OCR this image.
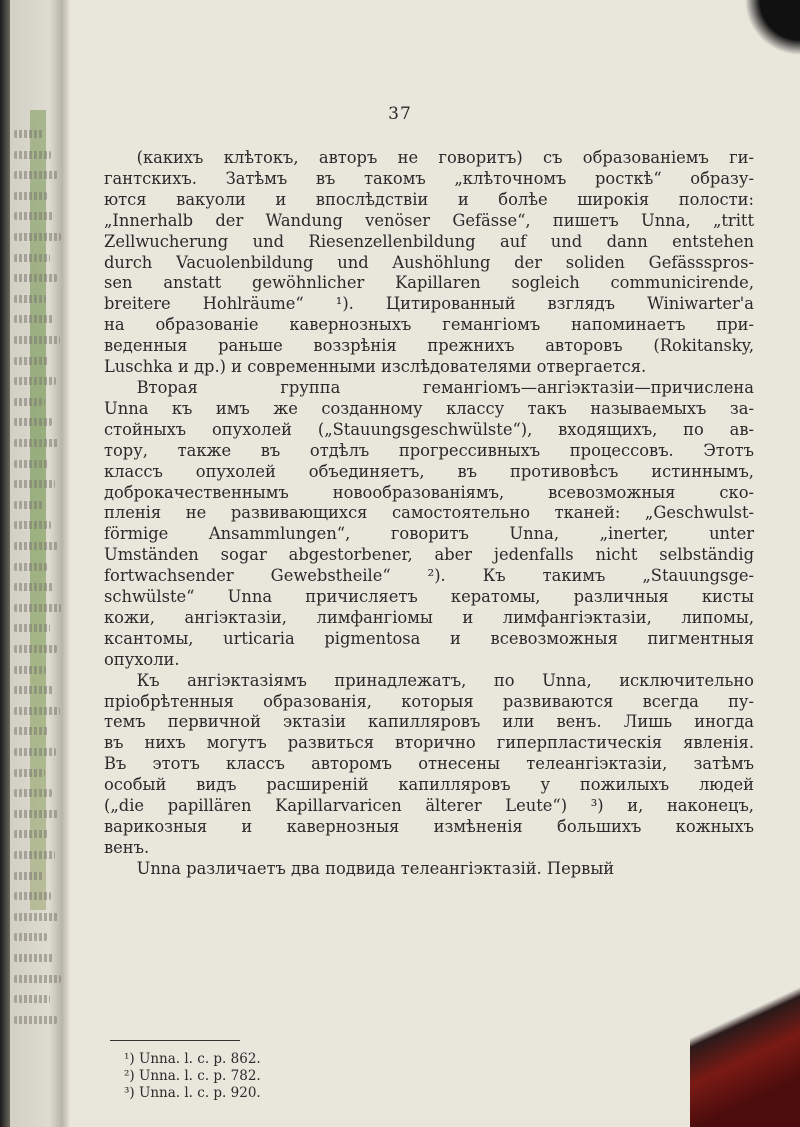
37

(какихъ клѣтокъ, авторъ не говоритъ) съ образованіемъ ги-

гантскихъ. Затѣмъ въ такомъ „клѣточномъ росткѣ“ образу-

ются вакуоли и впослѣдствіи и болѣе широкія полости:

„Innerhalb der Wandung venöser Gefässe“, пишетъ Unna, „tritt

Zellwucherung und Riesenzellenbildung auf und dann entstehen

durch Vacuolenbildung und Aushöhlung der soliden Gefässspros-

sen anstatt gewöhnlicher Kapillaren sogleich communicirende,

breitere Hohlräume“ ¹). Цитированный взглядъ Winiwarter'a

на образованіе кавернозныхъ гемангіомъ напоминаетъ при-

веденныя раньше воззрѣнія прежнихъ авторовъ (Rokitansky,

Luschka и др.) и современными изслѣдователями отвергается.

Вторая группа гемангіомъ—ангіэктазіи—причислена

Unna къ имъ же созданному классу такъ называемыхъ за-

стойныхъ опухолей („Stauungsgeschwülste“), входящихъ, по ав-

тору, также въ отдѣлъ прогрессивныхъ процессовъ. Этотъ

классъ опухолей объединяетъ, въ противовѣсъ истиннымъ,

доброкачественнымъ новообразованіямъ, всевозможныя ско-

пленія не развивающихся самостоятельно тканей: „Geschwulst-

förmige Ansammlungen“, говоритъ Unna, „inerter, unter

Umständen sogar abgestorbener, aber jedenfalls nicht selbständig

fortwachsender Gewebstheile“ ²). Къ такимъ „Stauungsge-

schwülste“ Unna причисляетъ кератомы, различныя кисты

кожи, ангіэктазіи, лимфангіомы и лимфангіэктазіи, липомы,

ксантомы, urticaria pigmentosa и всевозможныя пигментныя

опухоли.

Къ ангіэктазіямъ принадлежатъ, по Unna, исключительно

пріобрѣтенныя образованія, которыя развиваются всегда пу-

темъ первичной эктазіи капилляровъ или венъ. Лишь иногда

въ нихъ могутъ развиться вторично гиперпластическія явленія.

Въ этотъ классъ авторомъ отнесены телеангіэктазіи, затѣмъ

особый видъ расширеній капилляровъ у пожилыхъ людей

(„die papillären Kapillarvaricen älterer Leute“) ³) и, наконецъ,

варикозныя и кавернозныя измѣненія большихъ кожныхъ

венъ.

Unna различаетъ два подвида телеангіэктазій. Первый

¹) Unna. l. c. p. 862.
²) Unna. l. c. p. 782.
³) Unna. l. c. p. 920.
